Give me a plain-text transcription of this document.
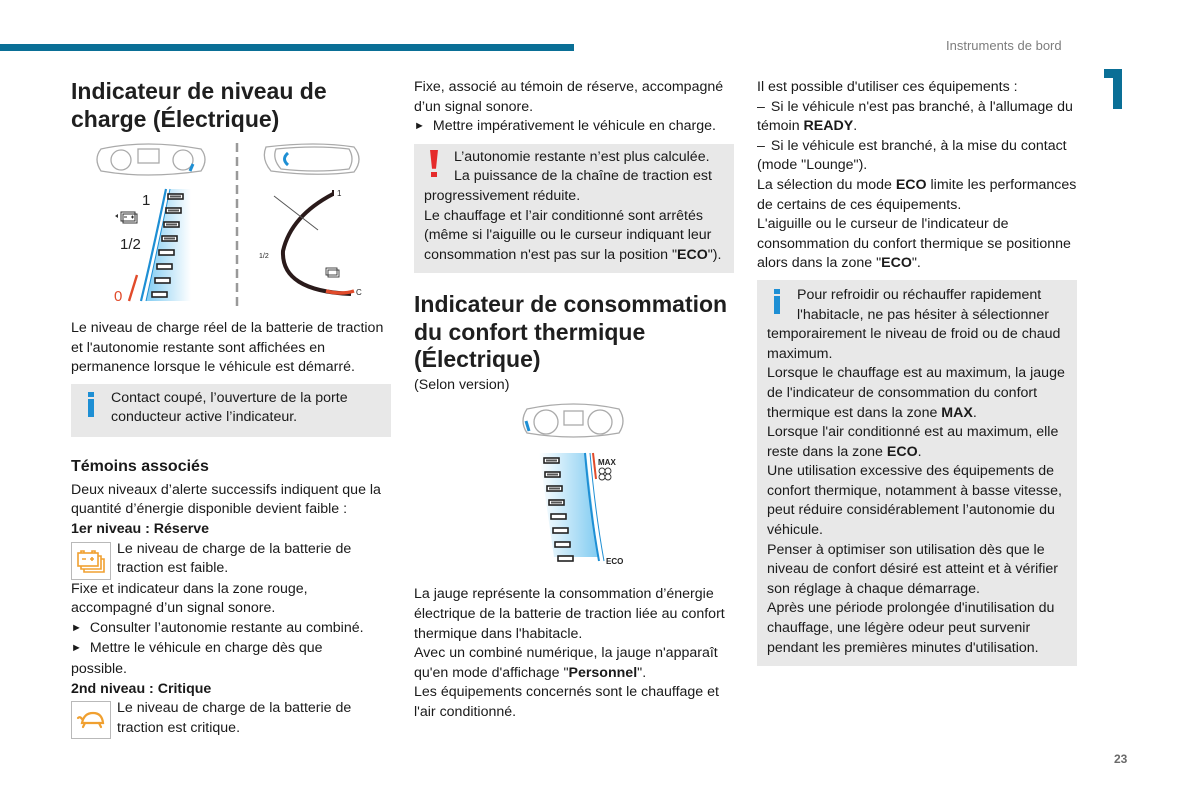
Instruments de bord
23
Indicateur de niveau de
charge (Électrique)
1
1/2
0
1
1/2
C

Le niveau de charge réel de la batterie de traction et l'autonomie restante sont affichées en permanence lorsque le véhicule est démarré.

Contact coupé, l’ouverture de la porte conducteur active l’indicateur.

Témoins associés

Deux niveaux d’alerte successifs indiquent que la quantité d’énergie disponible devient faible :

1er niveau : Réserve

Le niveau de charge de la batterie de traction est faible.

Fixe et indicateur dans la zone rouge, accompagné d’un signal sonore.

► Consulter l’autonomie restante au combiné.

► Mettre le véhicule en charge dès que

possible.

2nd niveau : Critique

Le niveau de charge de la batterie de traction est critique.

Fixe, associé au témoin de réserve, accompagné d’un signal sonore.

► Mettre impérativement le véhicule en charge.

L’autonomie restante n’est plus calculée.

La puissance de la chaîne de traction est progressivement réduite.

Le chauffage et l’air conditionné sont arrêtés (même si l'aiguille ou le curseur indiquant leur consommation n'est pas sur la position "ECO").

Indicateur de consommation
du confort thermique
(Électrique)

(Selon version)

MAX
ECO

La jauge représente la consommation d’énergie électrique de la batterie de traction liée au confort thermique dans l'habitacle.

Avec un combiné numérique, la jauge n'apparaît qu'en mode d'affichage "Personnel".

Les équipements concernés sont le chauffage et l'air conditionné.

Il est possible d'utiliser ces équipements :

– Si le véhicule n'est pas branché, à l'allumage du témoin READY.

– Si le véhicule est branché, à la mise du contact (mode "Lounge").

La sélection du mode ECO limite les performances de certains de ces équipements.

L'aiguille ou le curseur de l'indicateur de consommation du confort thermique se positionne alors dans la zone "ECO".

Pour refroidir ou réchauffer rapidement l'habitacle, ne pas hésiter à sélectionner temporairement le niveau de froid ou de chaud maximum.

Lorsque le chauffage est au maximum, la jauge de l'indicateur de consommation du confort thermique est dans la zone MAX.

Lorsque l'air conditionné est au maximum, elle reste dans la zone ECO.

Une utilisation excessive des équipements de confort thermique, notamment à basse vitesse, peut réduire considérablement l’autonomie du véhicule.

Penser à optimiser son utilisation dès que le niveau de confort désiré est atteint et à vérifier son réglage à chaque démarrage.

Après une période prolongée d'inutilisation du chauffage, une légère odeur peut survenir pendant les premières minutes d'utilisation.
